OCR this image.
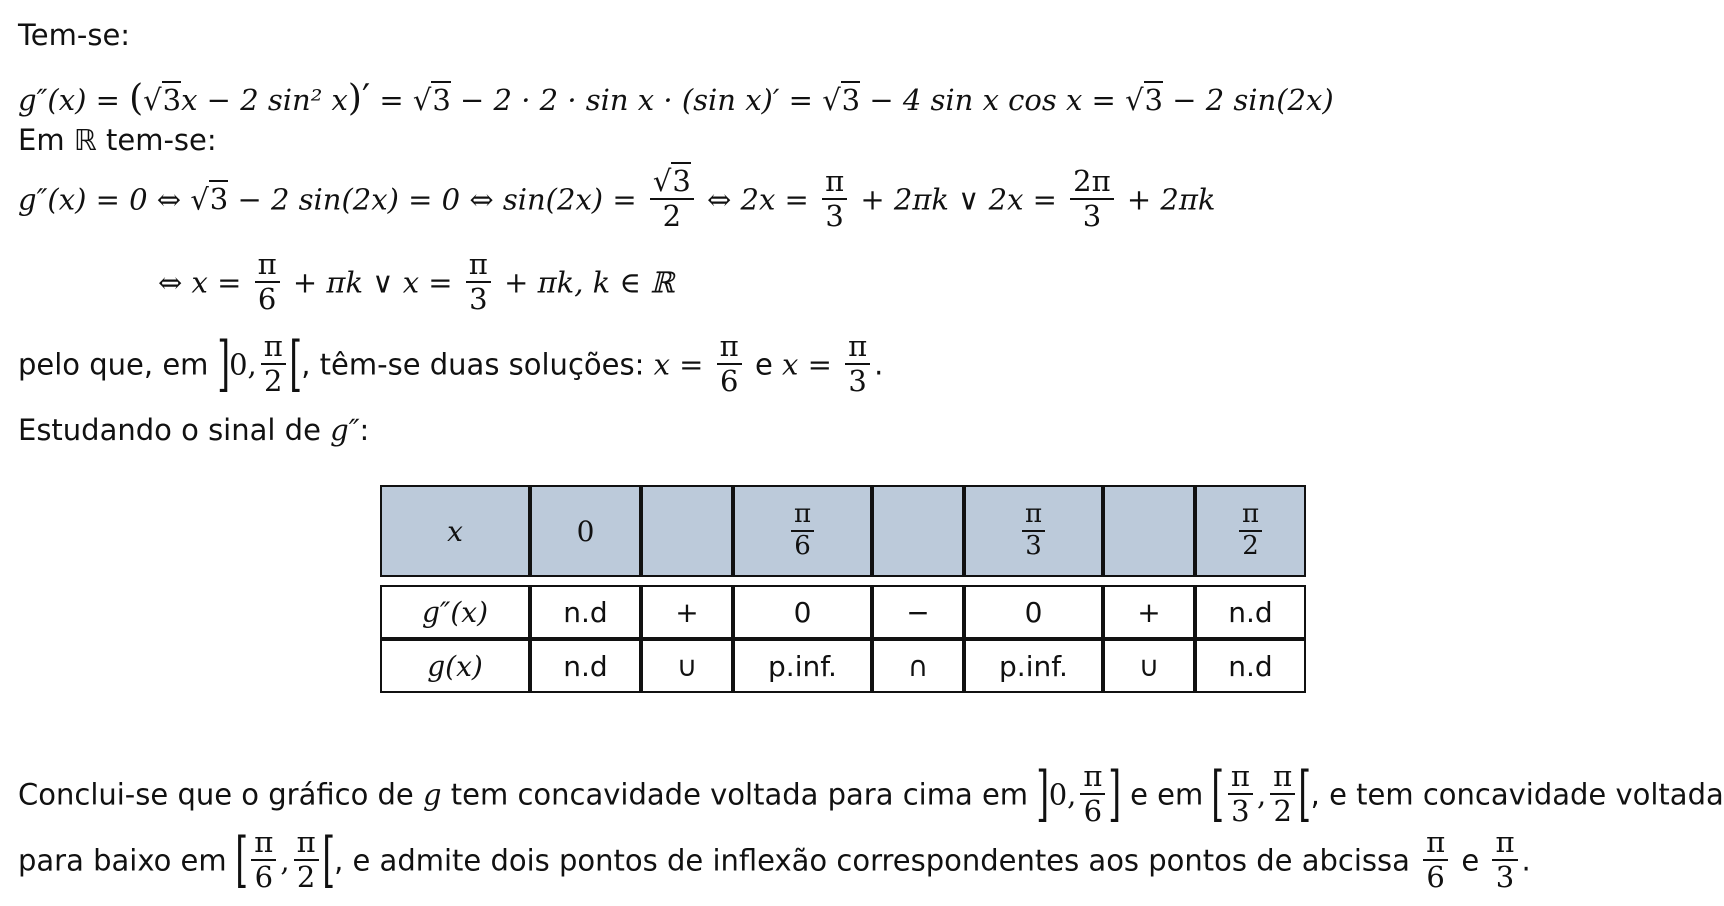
Tem-se:
g″(x) = (√3x − 2 sin² x)′ = √3 − 2 · 2 · sin x · (sin x)′ = √3 − 4 sin x cos x = √3 − 2 sin(2x)
Em ℝ tem-se:
g″(x) = 0 ⇔ √3 − 2 sin(2x) = 0 ⇔ $\sin(2x) = \frac{√3}{2}$ ⇔ $2x = \frac{\pi}{3} + 2\pi k$ ∨ $2x = \frac{2\pi}{3} + 2\pi k$
⇔ $x = \frac{\pi}{6} + \pi k$ ∨ $x = \frac{\pi}{3} + \pi k$, k ∈ ℝ
pelo que, em ]0, $\frac{\pi}{2}$ [, têm-se duas soluções: $x = \frac{\pi}{6}$ e $x = \frac{\pi}{3}$ .
Estudando o sinal de g″:
x	0		$\frac{\pi}{6}$		$\frac{\pi}{3}$		$\frac{\pi}{2}$
g″(x)	n.d	+	0	−	0	+	n.d
g(x)	n.d	∪	p.inf.	∩	p.inf.	∪	n.d
Conclui-se que o gráfico de g tem concavidade voltada para cima em ]0, $\frac{\pi}{6}$ ] e em [ $\frac{\pi}{3}$ , $\frac{\pi}{2}$ [, e tem concavidade voltada
para baixo em [ $\frac{\pi}{6}$ , $\frac{\pi}{2}$ [, e admite dois pontos de inflexão correspondentes aos pontos de abcissa $\frac{\pi}{6}$ e $\frac{\pi}{3}$ .
